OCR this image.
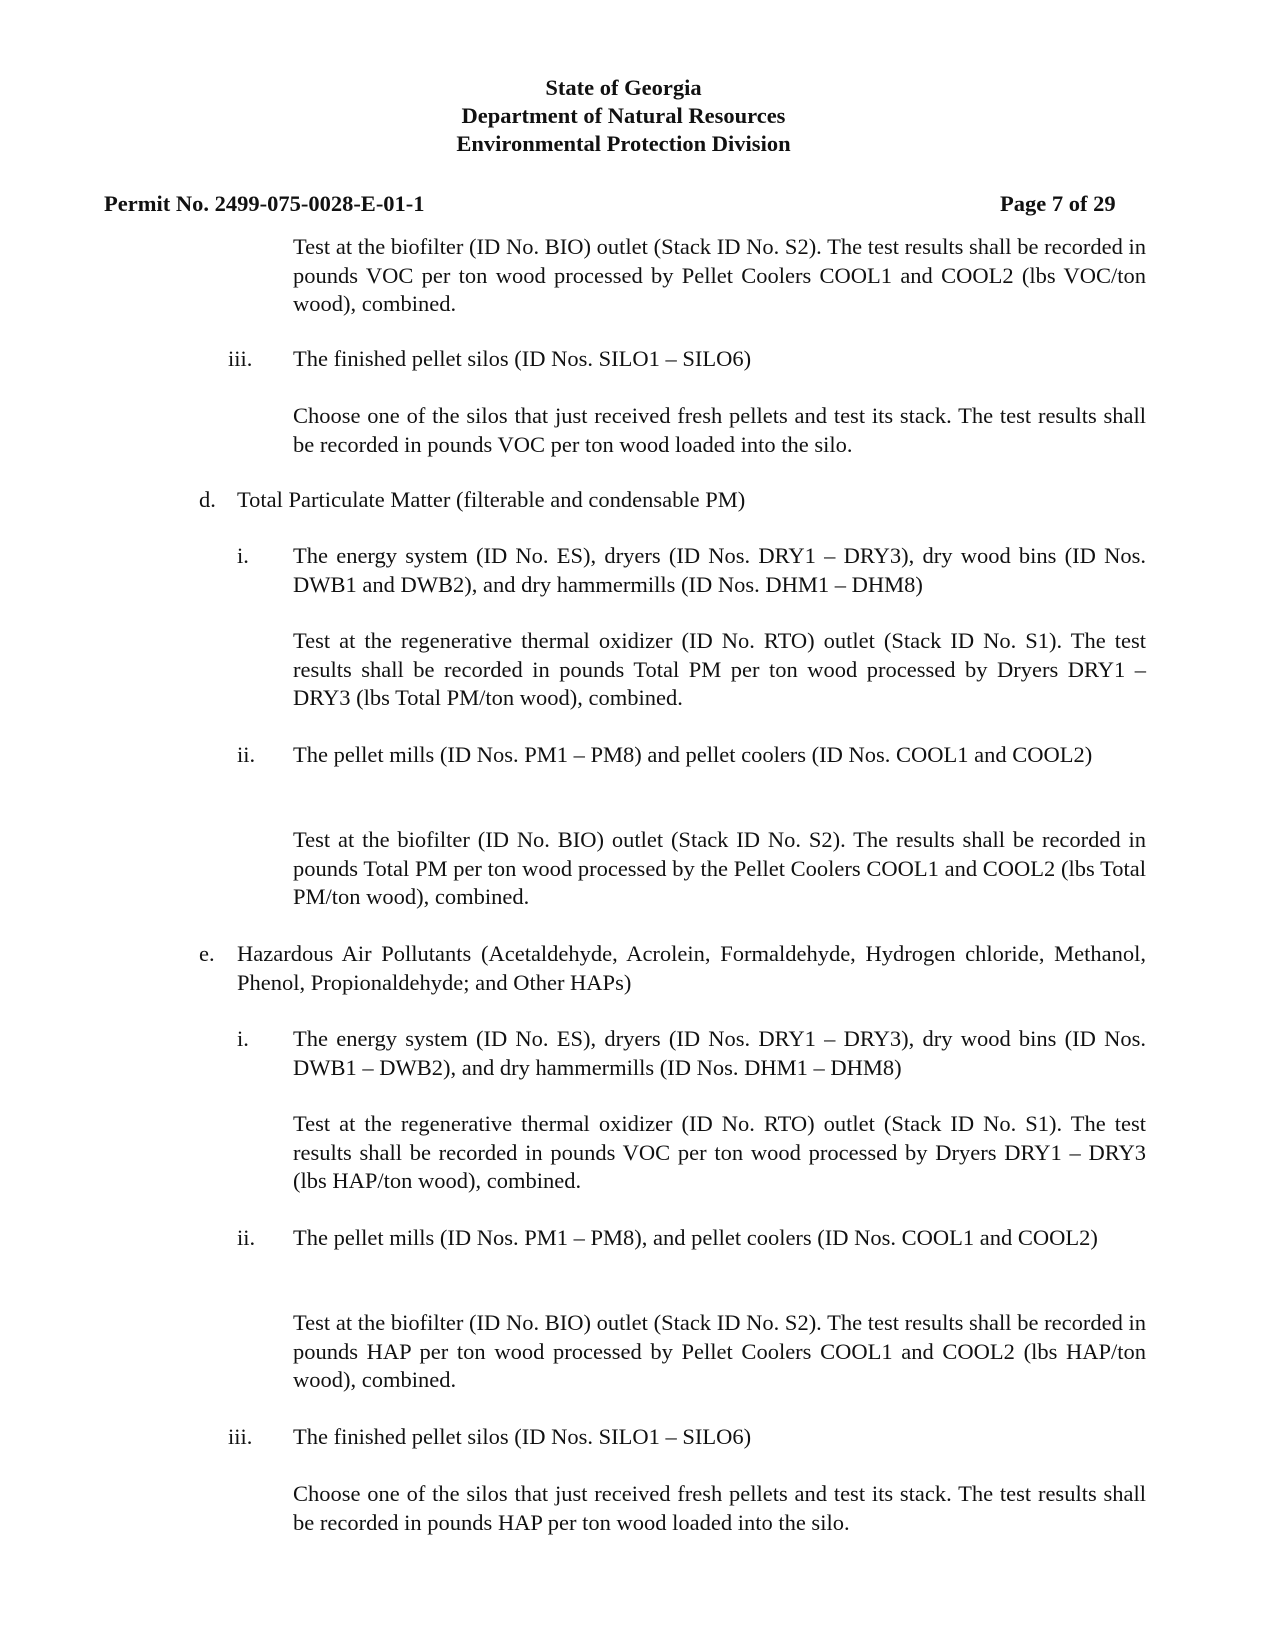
State of Georgia
Department of Natural Resources
Environmental Protection Division
Permit No. 2499-075-0028-E-01-1	Page 7 of 29
Test at the biofilter (ID No. BIO) outlet (Stack ID No. S2). The test results shall be recorded in pounds VOC per ton wood processed by Pellet Coolers COOL1 and COOL2 (lbs VOC/ton wood), combined.
iii. The finished pellet silos (ID Nos. SILO1 – SILO6)
Choose one of the silos that just received fresh pellets and test its stack. The test results shall be recorded in pounds VOC per ton wood loaded into the silo.
d. Total Particulate Matter (filterable and condensable PM)
i. The energy system (ID No. ES), dryers (ID Nos. DRY1 – DRY3), dry wood bins (ID Nos. DWB1 and DWB2), and dry hammermills (ID Nos. DHM1 – DHM8)
Test at the regenerative thermal oxidizer (ID No. RTO) outlet (Stack ID No. S1). The test results shall be recorded in pounds Total PM per ton wood processed by Dryers DRY1 – DRY3 (lbs Total PM/ton wood), combined.
ii. The pellet mills (ID Nos. PM1 – PM8) and pellet coolers (ID Nos. COOL1 and COOL2)
Test at the biofilter (ID No. BIO) outlet (Stack ID No. S2). The results shall be recorded in pounds Total PM per ton wood processed by the Pellet Coolers COOL1 and COOL2 (lbs Total PM/ton wood), combined.
e. Hazardous Air Pollutants (Acetaldehyde, Acrolein, Formaldehyde, Hydrogen chloride, Methanol, Phenol, Propionaldehyde; and Other HAPs)
i. The energy system (ID No. ES), dryers (ID Nos. DRY1 – DRY3), dry wood bins (ID Nos. DWB1 – DWB2), and dry hammermills (ID Nos. DHM1 – DHM8)
Test at the regenerative thermal oxidizer (ID No. RTO) outlet (Stack ID No. S1). The test results shall be recorded in pounds VOC per ton wood processed by Dryers DRY1 – DRY3 (lbs HAP/ton wood), combined.
ii. The pellet mills (ID Nos. PM1 – PM8), and pellet coolers (ID Nos. COOL1 and COOL2)
Test at the biofilter (ID No. BIO) outlet (Stack ID No. S2). The test results shall be recorded in pounds HAP per ton wood processed by Pellet Coolers COOL1 and COOL2 (lbs HAP/ton wood), combined.
iii. The finished pellet silos (ID Nos. SILO1 – SILO6)
Choose one of the silos that just received fresh pellets and test its stack. The test results shall be recorded in pounds HAP per ton wood loaded into the silo.
